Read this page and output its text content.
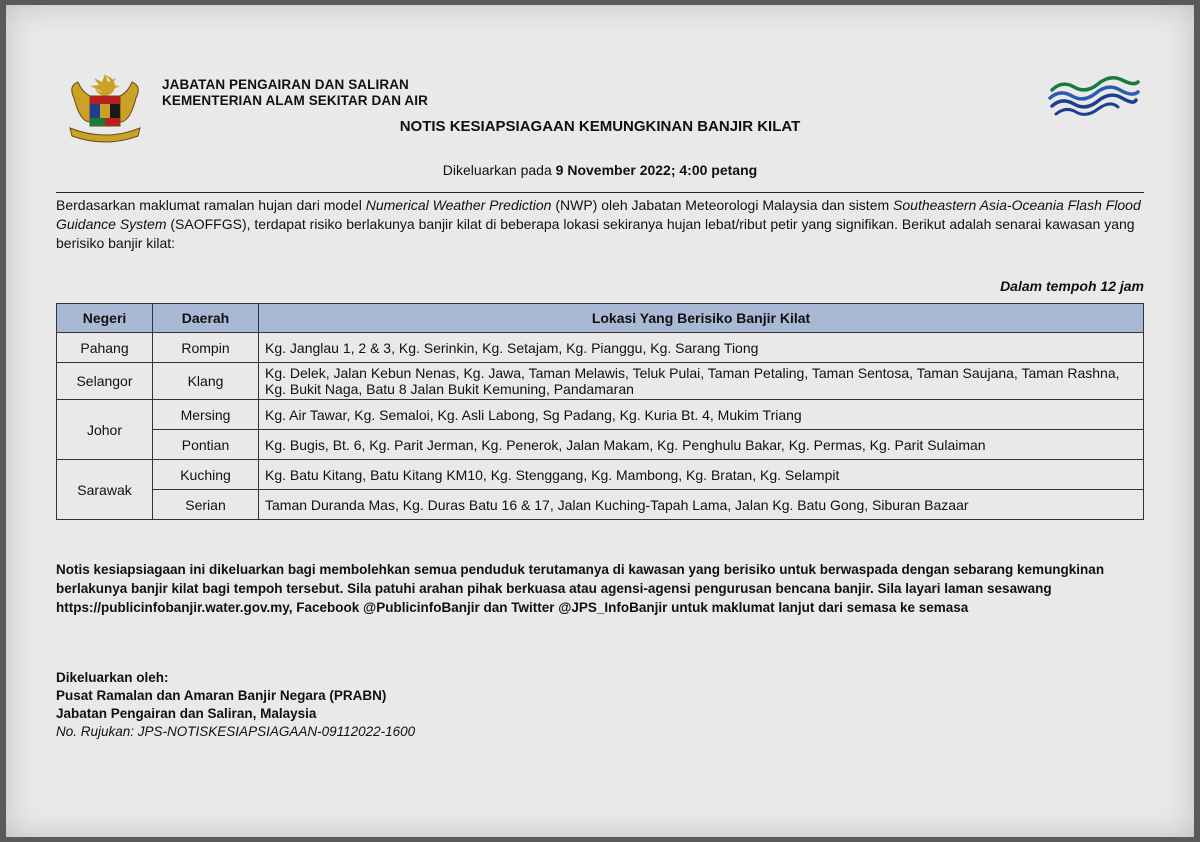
JABATAN PENGAIRAN DAN SALIRAN
KEMENTERIAN ALAM SEKITAR DAN AIR
NOTIS KESIAPSIAGAAN KEMUNGKINAN BANJIR KILAT
Dikeluarkan pada 9 November 2022; 4:00 petang
Berdasarkan maklumat ramalan hujan dari model Numerical Weather Prediction (NWP) oleh Jabatan Meteorologi Malaysia dan sistem Southeastern Asia-Oceania Flash Flood Guidance System (SAOFFGS), terdapat risiko berlakunya banjir kilat di beberapa lokasi sekiranya hujan lebat/ribut petir yang signifikan. Berikut adalah senarai kawasan yang berisiko banjir kilat:
Dalam tempoh 12 jam
Negeri	Daerah	Lokasi Yang Berisiko Banjir Kilat
Pahang	Rompin	Kg. Janglau 1, 2 & 3, Kg. Serinkin, Kg. Setajam, Kg. Pianggu, Kg. Sarang Tiong
Selangor	Klang	Kg. Delek, Jalan Kebun Nenas, Kg. Jawa, Taman Melawis, Teluk Pulai, Taman Petaling, Taman Sentosa, Taman Saujana, Taman Rashna, Kg. Bukit Naga, Batu 8 Jalan Bukit Kemuning, Pandamaran
Johor	Mersing	Kg. Air Tawar, Kg. Semaloi, Kg. Asli Labong, Sg Padang, Kg. Kuria Bt. 4, Mukim Triang
	Pontian	Kg. Bugis, Bt. 6, Kg. Parit Jerman, Kg. Penerok, Jalan Makam, Kg. Penghulu Bakar, Kg. Permas, Kg. Parit Sulaiman
Sarawak	Kuching	Kg. Batu Kitang, Batu Kitang KM10, Kg. Stenggang, Kg. Mambong, Kg. Bratan, Kg. Selampit
	Serian	Taman Duranda Mas, Kg. Duras Batu 16 & 17, Jalan Kuching-Tapah Lama, Jalan Kg. Batu Gong, Siburan Bazaar
Notis kesiapsiagaan ini dikeluarkan bagi membolehkan semua penduduk terutamanya di kawasan yang berisiko untuk berwaspada dengan sebarang kemungkinan berlakunya banjir kilat bagi tempoh tersebut. Sila patuhi arahan pihak berkuasa atau agensi-agensi pengurusan bencana banjir. Sila layari laman sesawang https://publicinfobanjir.water.gov.my, Facebook @PublicinfoBanjir dan Twitter @JPS_InfoBanjir untuk maklumat lanjut dari semasa ke semasa
Dikeluarkan oleh:
Pusat Ramalan dan Amaran Banjir Negara (PRABN)
Jabatan Pengairan dan Saliran, Malaysia
No. Rujukan: JPS-NOTISKESIAPSIAGAAN-09112022-1600
